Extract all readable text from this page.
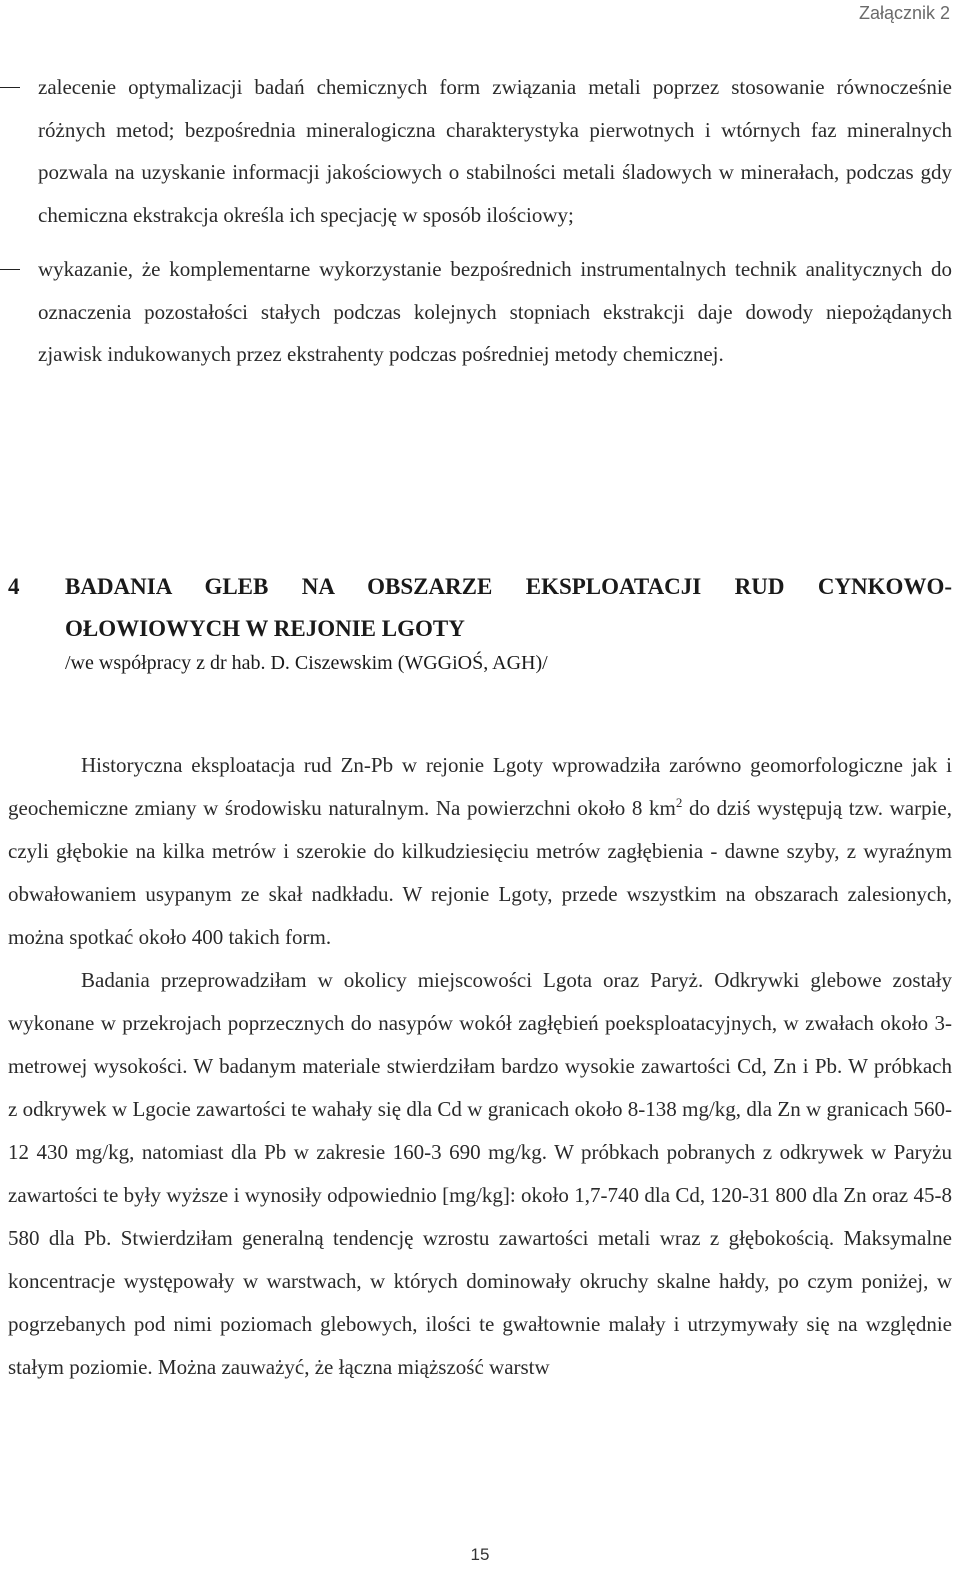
Załącznik 2
zalecenie optymalizacji badań chemicznych form związania metali poprzez stosowanie równocześnie różnych metod; bezpośrednia mineralogiczna charakterystyka pierwotnych i wtórnych faz mineralnych pozwala na uzyskanie informacji jakościowych o stabilności metali śladowych w minerałach, podczas gdy chemiczna ekstrakcja określa ich specjację w sposób ilościowy;
wykazanie, że komplementarne wykorzystanie bezpośrednich instrumentalnych technik analitycznych do oznaczenia pozostałości stałych podczas kolejnych stopniach ekstrakcji daje dowody niepożądanych zjawisk indukowanych przez ekstrahenty podczas pośredniej metody chemicznej.
4 BADANIA GLEB NA OBSZARZE EKSPLOATACJI RUD CYNKOWO-OŁOWIOWYCH W REJONIE LGOTY
/we współpracy z dr hab. D. Ciszewskim (WGGiOŚ, AGH)/

Historyczna eksploatacja rud Zn-Pb w rejonie Lgoty wprowadziła zarówno geomorfologiczne jak i geochemiczne zmiany w środowisku naturalnym. Na powierzchni około 8 $km^2$ do dziś występują tzw. warpie, czyli głębokie na kilka metrów i szerokie do kilkudziesięciu metrów zagłębienia - dawne szyby, z wyraźnym obwałowaniem usypanym ze skał nadkładu. W rejonie Lgoty, przede wszystkim na obszarach zalesionych, można spotkać około 400 takich form.

Badania przeprowadziłam w okolicy miejscowości Lgota oraz Paryż. Odkrywki glebowe zostały wykonane w przekrojach poprzecznych do nasypów wokół zagłębień poeksploatacyjnych, w zwałach około 3-metrowej wysokości. W badanym materiale stwierdziłam bardzo wysokie zawartości Cd, Zn i Pb. W próbkach z odkrywek w Lgocie zawartości te wahały się dla Cd w granicach około 8-138 mg/kg, dla Zn w granicach 560-12 430 mg/kg, natomiast dla Pb w zakresie 160-3 690 mg/kg. W próbkach pobranych z odkrywek w Paryżu zawartości te były wyższe i wynosiły odpowiednio [mg/kg]: około 1,7-740 dla Cd, 120-31 800 dla Zn oraz 45-8 580 dla Pb. Stwierdziłam generalną tendencję wzrostu zawartości metali wraz z głębokością. Maksymalne koncentracje występowały w warstwach, w których dominowały okruchy skalne hałdy, po czym poniżej, w pogrzebanych pod nimi poziomach glebowych, ilości te gwałtownie malały i utrzymywały się na względnie stałym poziomie. Można zauważyć, że łączna miąższość warstw

15
